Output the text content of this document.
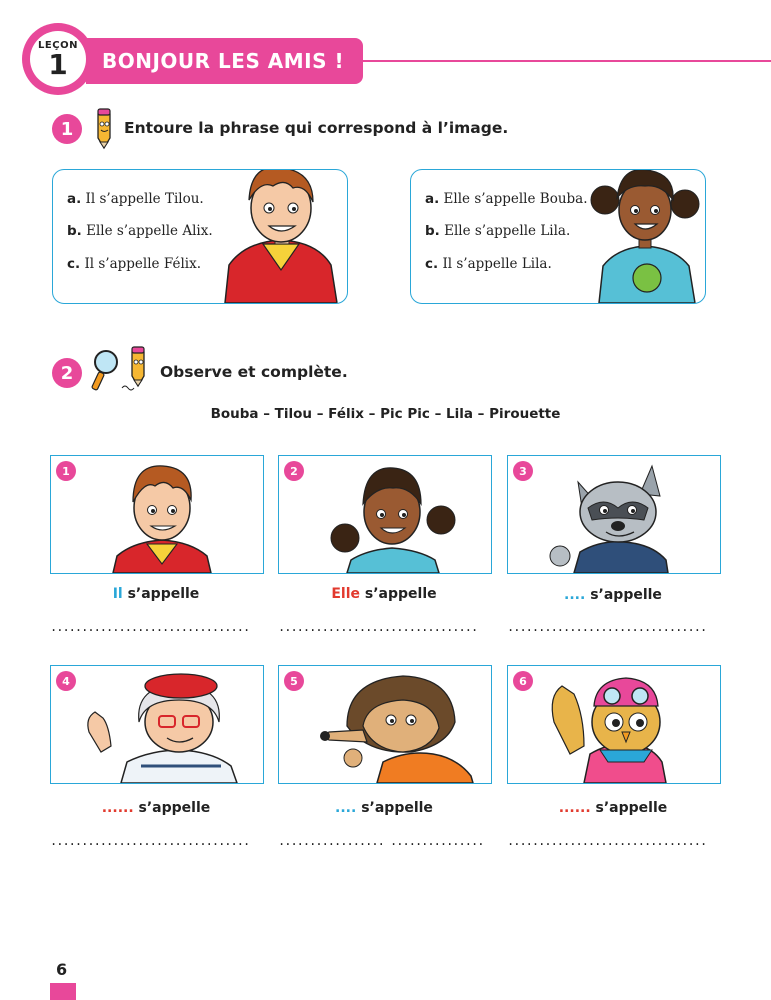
BONJOUR LES AMIS !
LEÇON
1
1	Entoure la phrase qui correspond à l’image.
a. Il s’appelle Tilou.
b. Elle s’appelle Alix.
c. Il s’appelle Félix.
a. Elle s’appelle Bouba.
b. Elle s’appelle Lila.
c. Il s’appelle Lila.
2	Observe et complète.
Bouba – Tilou – Félix – Pic Pic – Lila – Pirouette
1	2	3
Il s’appelle	Elle s’appelle	.... s’appelle
................................	................................	................................
4	5	6
...... s’appelle	.... s’appelle	...... s’appelle
................................	................. ...............	................................
6
